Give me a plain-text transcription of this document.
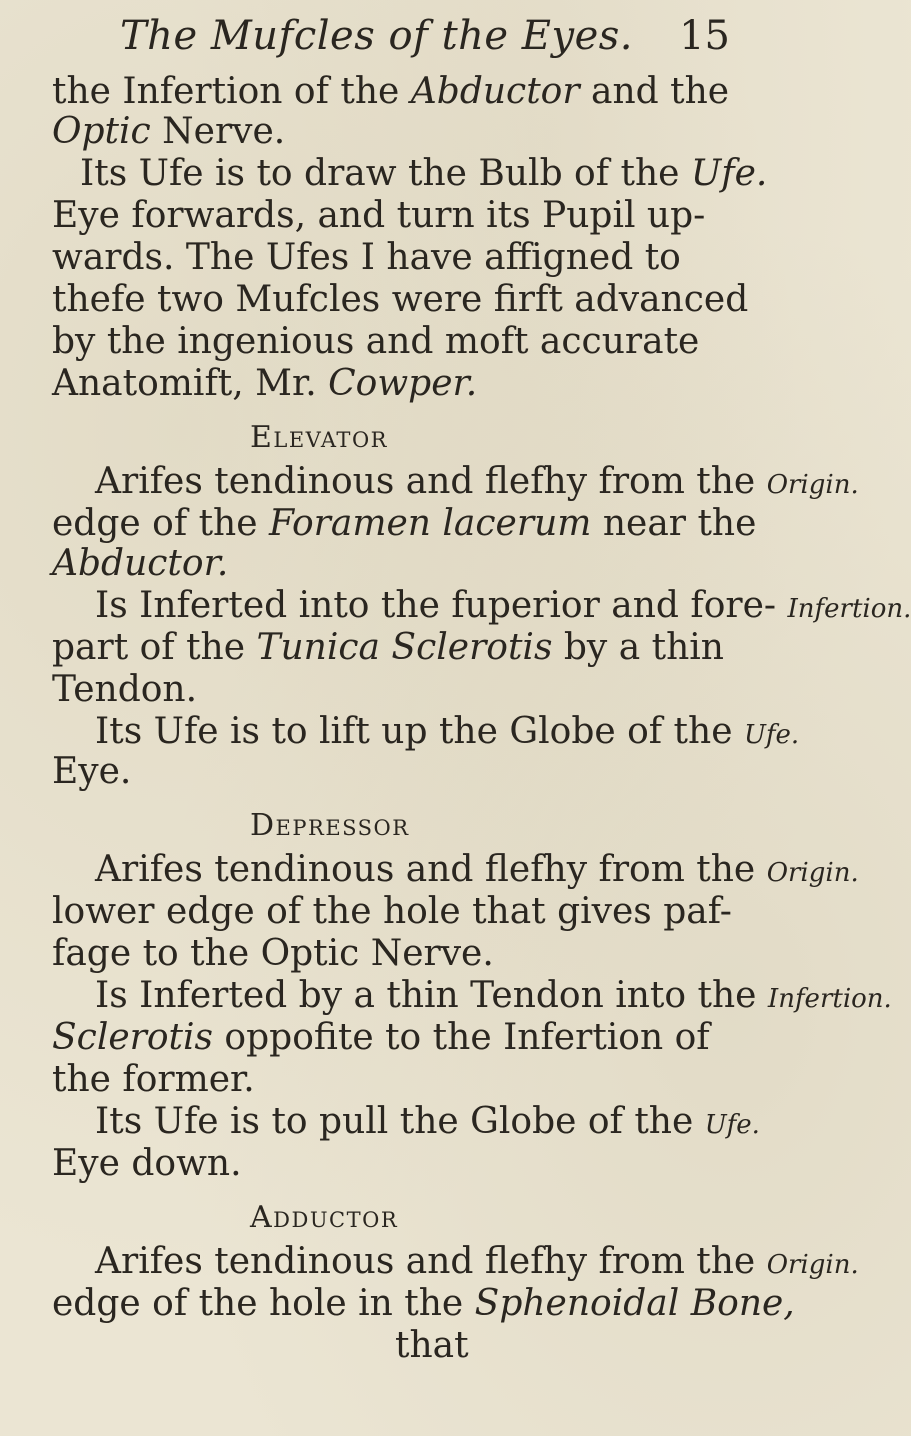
The Mufcles of the Eyes. 15
the Infertion of the Abductor and the
Optic Nerve.
Its Ufe is to draw the Bulb of the Ufe.
Eye forwards, and turn its Pupil up-
wards. The Ufes I have affigned to
thefe two Mufcles were firft advanced
by the ingenious and moft accurate
Anatomift, Mr. Cowper.
Elevator
Arifes tendinous and flefhy from the Origin.
edge of the Foramen lacerum near the
Abductor.
Is Inferted into the fuperior and fore- Infertion.
part of the Tunica Sclerotis by a thin
Tendon.
Its Ufe is to lift up the Globe of the Ufe.
Eye.
Depressor
Arifes tendinous and flefhy from the Origin.
lower edge of the hole that gives paf-
fage to the Optic Nerve.
Is Inferted by a thin Tendon into the Infertion.
Sclerotis oppofite to the Infertion of
the former.
Its Ufe is to pull the Globe of the Ufe.
Eye down.
Adductor
Arifes tendinous and flefhy from the Origin.
edge of the hole in the Sphenoidal Bone,
that
